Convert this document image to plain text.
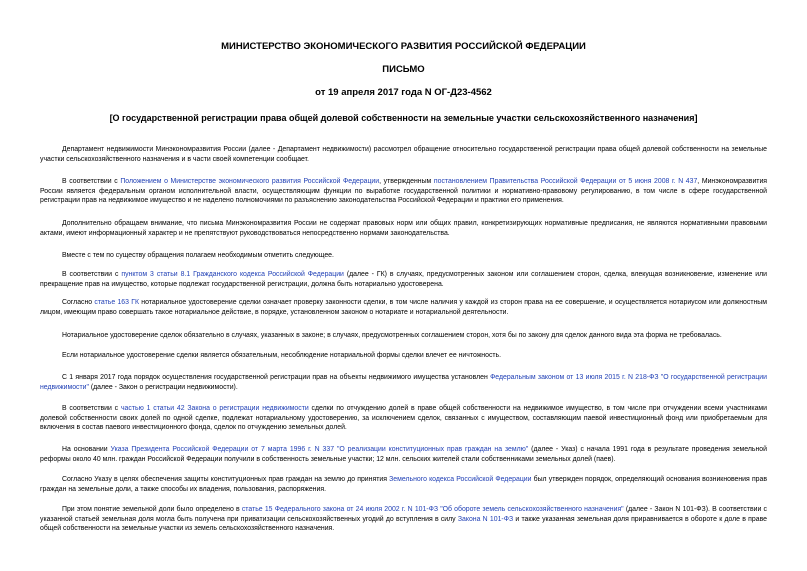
МИНИСТЕРСТВО ЭКОНОМИЧЕСКОГО РАЗВИТИЯ РОССИЙСКОЙ ФЕДЕРАЦИИ
ПИСЬМО
от 19 апреля 2017 года N ОГ-Д23-4562
[О государственной регистрации права общей долевой собственности на земельные участки сельскохозяйственного назначения]
Департамент недвижимости Минэкономразвития России (далее - Департамент недвижимости) рассмотрел обращение относительно государственной регистрации права общей долевой собственности на земельные участки сельскохозяйственного назначения и в части своей компетенции сообщает.
В соответствии с Положением о Министерстве экономического развития Российской Федерации, утвержденным постановлением Правительства Российской Федерации от 5 июня 2008 г. N 437, Минэкономразвития России является федеральным органом исполнительной власти, осуществляющим функции по выработке государственной политики и нормативно-правовому регулированию, в том числе в сфере государственной регистрации прав на недвижимое имущество и не наделено полномочиями по разъяснению законодательства Российской Федерации и практики его применения.
Дополнительно обращаем внимание, что письма Минэкономразвития России не содержат правовых норм или общих правил, конкретизирующих нормативные предписания, не являются нормативными правовыми актами, имеют информационный характер и не препятствуют руководствоваться непосредственно нормами законодательства.
Вместе с тем по существу обращения полагаем необходимым отметить следующее.
В соответствии с пунктом 3 статьи 8.1 Гражданского кодекса Российской Федерации (далее - ГК) в случаях, предусмотренных законом или соглашением сторон, сделка, влекущая возникновение, изменение или прекращение прав на имущество, которые подлежат государственной регистрации, должна быть нотариально удостоверена.
Согласно статье 163 ГК нотариальное удостоверение сделки означает проверку законности сделки, в том числе наличия у каждой из сторон права на ее совершение, и осуществляется нотариусом или должностным лицом, имеющим право совершать такое нотариальное действие, в порядке, установленном законом о нотариате и нотариальной деятельности.
Нотариальное удостоверение сделок обязательно в случаях, указанных в законе; в случаях, предусмотренных соглашением сторон, хотя бы по закону для сделок данного вида эта форма не требовалась.
Если нотариальное удостоверение сделки является обязательным, несоблюдение нотариальной формы сделки влечет ее ничтожность.
С 1 января 2017 года порядок осуществления государственной регистрации прав на объекты недвижимого имущества установлен Федеральным законом от 13 июля 2015 г. N 218-ФЗ "О государственной регистрации недвижимости" (далее - Закон о регистрации недвижимости).
В соответствии с частью 1 статьи 42 Закона о регистрации недвижимости сделки по отчуждению долей в праве общей собственности на недвижимое имущество, в том числе при отчуждении всеми участниками долевой собственности своих долей по одной сделке, подлежат нотариальному удостоверению, за исключением сделок, связанных с имуществом, составляющим паевой инвестиционный фонд или приобретаемым для включения в состав паевого инвестиционного фонда, сделок по отчуждению земельных долей.
На основании Указа Президента Российской Федерации от 7 марта 1996 г. N 337 "О реализации конституционных прав граждан на землю" (далее - Указ) с начала 1991 года в результате проведения земельной реформы около 40 млн. граждан Российской Федерации получили в собственность земельные участки; 12 млн. сельских жителей стали собственниками земельных долей (паев).
Согласно Указу в целях обеспечения защиты конституционных прав граждан на землю до принятия Земельного кодекса Российской Федерации был утвержден порядок, определяющий основания возникновения прав граждан на земельные доли, а также способы их владения, пользования, распоряжения.
При этом понятие земельной доли было определено в статье 15 Федерального закона от 24 июля 2002 г. N 101-ФЗ "Об обороте земель сельскохозяйственного назначения" (далее - Закон N 101-ФЗ). В соответствии с указанной статьей земельная доля могла быть получена при приватизации сельскохозяйственных угодий до вступления в силу Закона N 101-ФЗ и также указанная земельная доля приравнивается в обороте к доле в праве общей собственности на земельные участки из земель сельскохозяйственного назначения.
